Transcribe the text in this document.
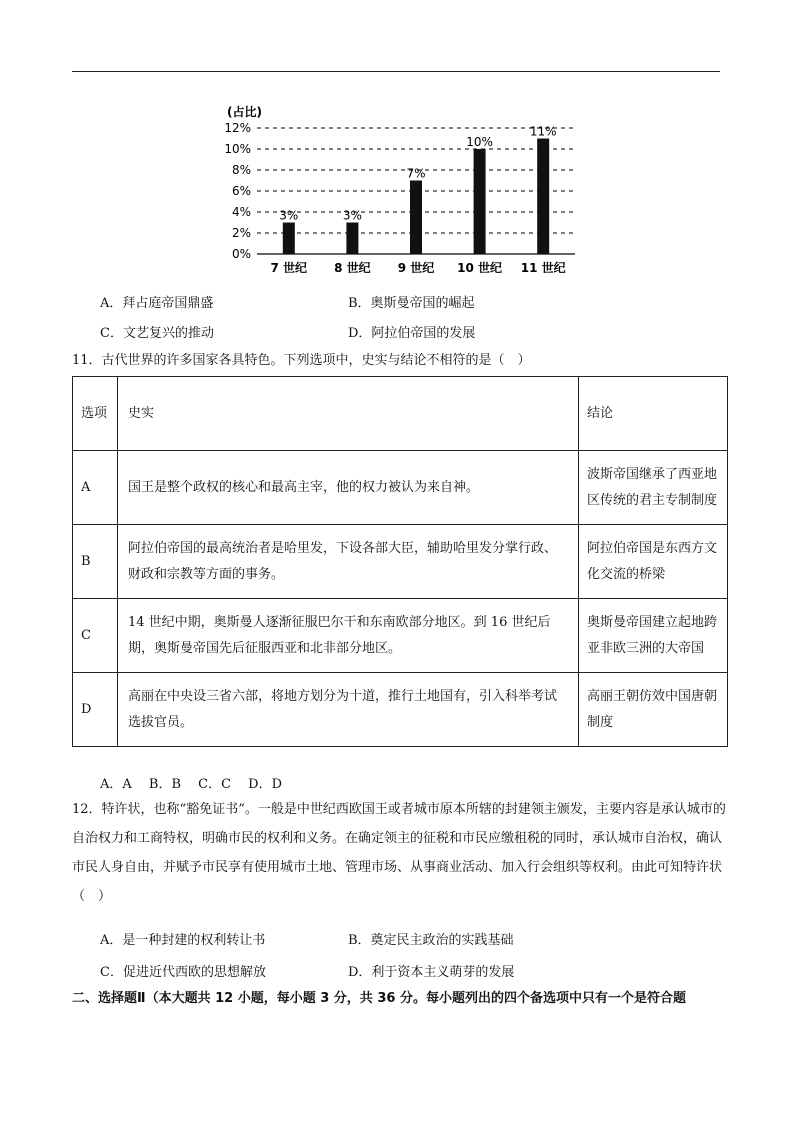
(占比)
12%
10%
8%
6%
4%
2%
0%
3%
7 世纪
3%
8 世纪
7%
9 世纪
10%
10 世纪
11%
11 世纪
A．拜占庭帝国鼎盛	B．奥斯曼帝国的崛起
C．文艺复兴的推动	D．阿拉伯帝国的发展
11．古代世界的许多国家各具特色。下列选项中，史实与结论不相符的是（　）
选项	史实	结论
A	国王是整个政权的核心和最高主宰，他的权力被认为来自神。	波斯帝国继承了西亚地区传统的君主专制制度
B	阿拉伯帝国的最高统治者是哈里发，下设各部大臣，辅助哈里发分掌行政、财政和宗教等方面的事务。	阿拉伯帝国是东西方文化交流的桥梁
C	14 世纪中期，奥斯曼人逐渐征服巴尔干和东南欧部分地区。到 16 世纪后期，奥斯曼帝国先后征服西亚和北非部分地区。	奥斯曼帝国建立起地跨亚非欧三洲的大帝国
D	高丽在中央设三省六部，将地方划分为十道，推行土地国有，引入科举考试选拔官员。	高丽王朝仿效中国唐朝制度
A．A　 B．B　 C．C　 D．D
12．特许状，也称“豁免证书”。一般是中世纪西欧国王或者城市原本所辖的封建领主颁发，主要内容是承认城市的自治权力和工商特权，明确市民的权利和义务。在确定领主的征税和市民应缴租税的同时，承认城市自治权，确认市民人身自由，并赋予市民享有使用城市土地、管理市场、从事商业活动、加入行会组织等权利。由此可知特许状（　）
A．是一种封建的权利转让书	B．奠定民主政治的实践基础
C．促进近代西欧的思想解放	D．利于资本主义萌芽的发展
二、选择题Ⅱ（本大题共 12 小题，每小题 3 分，共 36 分。每小题列出的四个备选项中只有一个是符合题
